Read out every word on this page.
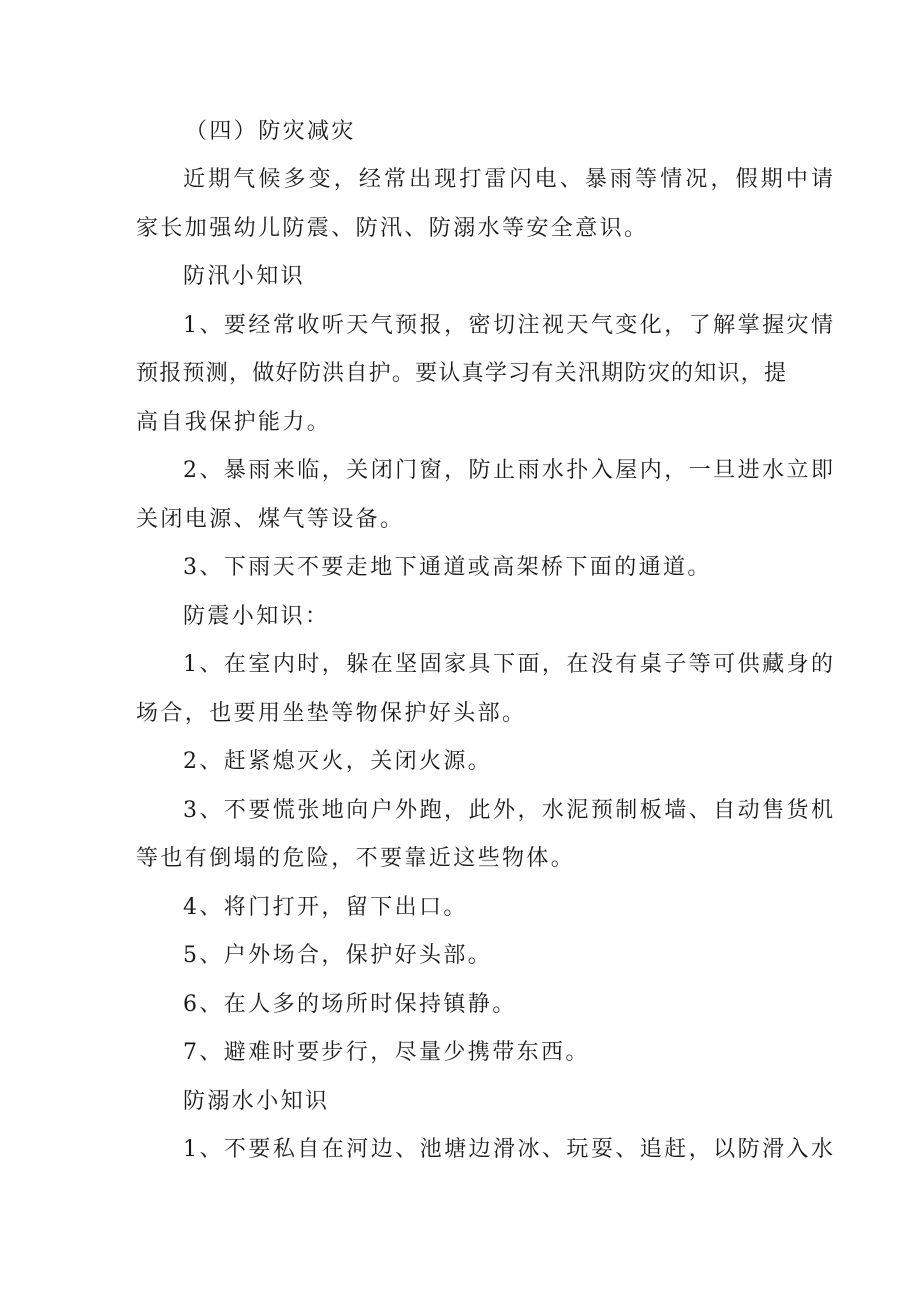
（四）防灾减灾
近期气候多变，经常出现打雷闪电、暴雨等情况，假期中请
家长加强幼儿防震、防汛、防溺水等安全意识。
防汛小知识
1、要经常收听天气预报，密切注视天气变化，了解掌握灾情
预报预测，做好防洪自护。要认真学习有关汛期防灾的知识，提
高自我保护能力。
2、暴雨来临，关闭门窗，防止雨水扑入屋内，一旦进水立即
关闭电源、煤气等设备。
3、下雨天不要走地下通道或高架桥下面的通道。
防震小知识：
1、在室内时，躲在坚固家具下面，在没有桌子等可供藏身的
场合，也要用坐垫等物保护好头部。
2、赶紧熄灭火，关闭火源。
3、不要慌张地向户外跑，此外，水泥预制板墙、自动售货机
等也有倒塌的危险，不要靠近这些物体。
4、将门打开，留下出口。
5、户外场合，保护好头部。
6、在人多的场所时保持镇静。
7、避难时要步行，尽量少携带东西。
防溺水小知识
1、不要私自在河边、池塘边滑冰、玩耍、追赶，以防滑入水
